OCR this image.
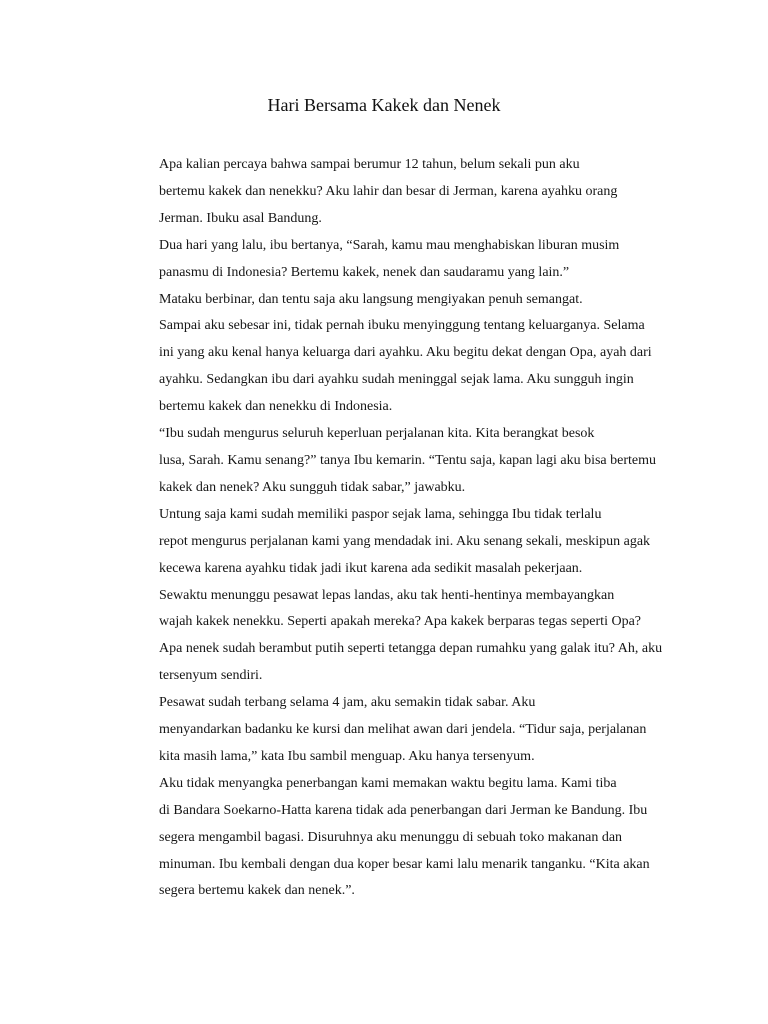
Hari Bersama Kakek dan Nenek

Apa kalian percaya bahwa sampai berumur 12 tahun, belum sekali pun aku
bertemu kakek dan nenekku? Aku lahir dan besar di Jerman, karena ayahku orang
Jerman. Ibuku asal Bandung.

Dua hari yang lalu, ibu bertanya, “Sarah, kamu mau menghabiskan liburan musim
panasmu di Indonesia? Bertemu kakek, nenek dan saudaramu yang lain.”

Mataku berbinar, dan tentu saja aku langsung mengiyakan penuh semangat.
Sampai aku sebesar ini, tidak pernah ibuku menyinggung tentang keluarganya. Selama
ini yang aku kenal hanya keluarga dari ayahku. Aku begitu dekat dengan Opa, ayah dari
ayahku. Sedangkan ibu dari ayahku sudah meninggal sejak lama. Aku sungguh ingin
bertemu kakek dan nenekku di Indonesia.

“Ibu sudah mengurus seluruh keperluan perjalanan kita. Kita berangkat besok
lusa, Sarah. Kamu senang?” tanya Ibu kemarin. “Tentu saja, kapan lagi aku bisa bertemu
kakek dan nenek? Aku sungguh tidak sabar,” jawabku.

Untung saja kami sudah memiliki paspor sejak lama, sehingga Ibu tidak terlalu
repot mengurus perjalanan kami yang mendadak ini. Aku senang sekali, meskipun agak
kecewa karena ayahku tidak jadi ikut karena ada sedikit masalah pekerjaan.

Sewaktu menunggu pesawat lepas landas, aku tak henti-hentinya membayangkan
wajah kakek nenekku. Seperti apakah mereka? Apa kakek berparas tegas seperti Opa?
Apa nenek sudah berambut putih seperti tetangga depan rumahku yang galak itu? Ah, aku
tersenyum sendiri.

Pesawat sudah terbang selama 4 jam, aku semakin tidak sabar. Aku
menyandarkan badanku ke kursi dan melihat awan dari jendela. “Tidur saja, perjalanan
kita masih lama,” kata Ibu sambil menguap. Aku hanya tersenyum.

Aku tidak menyangka penerbangan kami memakan waktu begitu lama. Kami tiba
di Bandara Soekarno-Hatta karena tidak ada penerbangan dari Jerman ke Bandung. Ibu
segera mengambil bagasi. Disuruhnya aku menunggu di sebuah toko makanan dan
minuman. Ibu kembali dengan dua koper besar kami lalu menarik tanganku. “Kita akan
segera bertemu kakek dan nenek.”.
